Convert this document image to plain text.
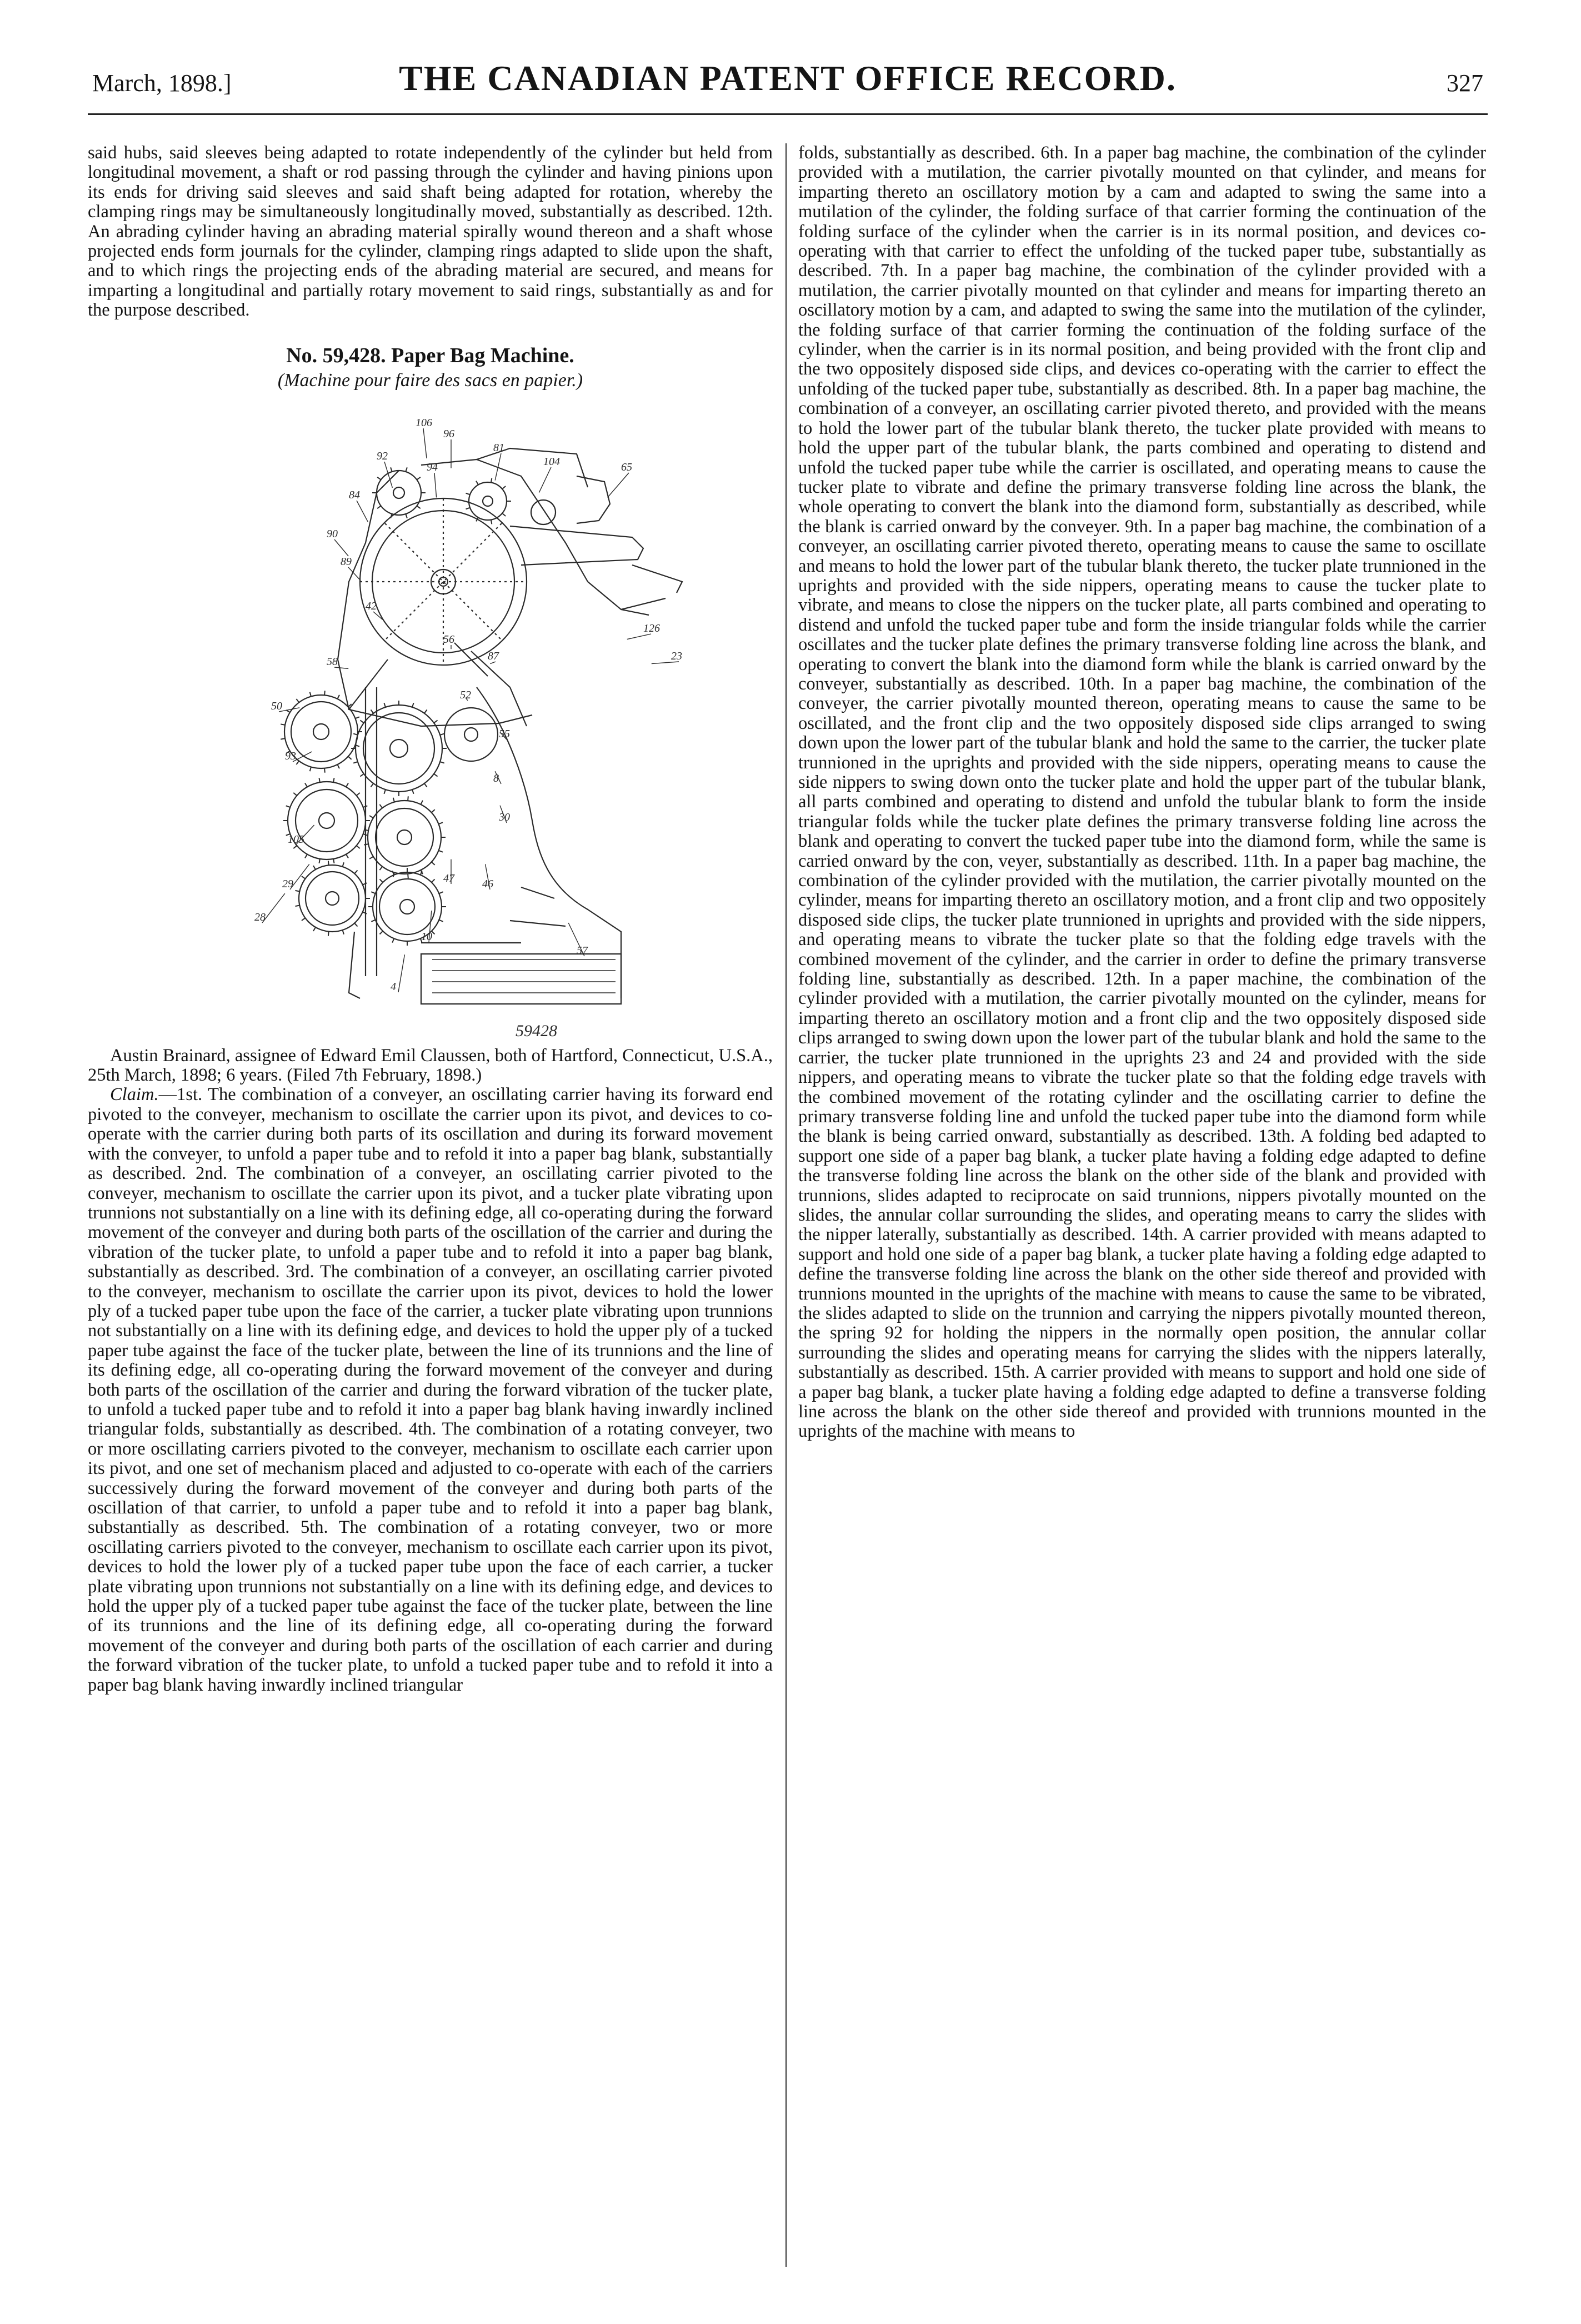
March, 1898.]	THE CANADIAN PATENT OFFICE RECORD.	327

said hubs, said sleeves being adapted to rotate independently of the cylinder but held from longitudinal movement, a shaft or rod passing through the cylinder and having pinions upon its ends for driving said sleeves and said shaft being adapted for rotation, whereby the clamping rings may be simultaneously longitudinally moved, substantially as described. 12th. An abrading cylinder having an abrading material spirally wound thereon and a shaft whose projected ends form journals for the cylinder, clamping rings adapted to slide upon the shaft, and to which rings the projecting ends of the abrading material are secured, and means for imparting a longitudinal and partially rotary movement to said rings, substantially as and for the purpose described.

No. 59,428. Paper Bag Machine.

(Machine pour faire des sacs en papier.)

106
96
92
84
90
89
94
81
104	65
42
126
56
87	23
58
50
52
93
55
8
105
30
47	46
29
28
57
10
4
59428

Austin Brainard, assignee of Edward Emil Claussen, both of Hartford, Connecticut, U.S.A., 25th March, 1898; 6 years. (Filed 7th February, 1898.)

Claim.—1st. The combination of a conveyer, an oscillating carrier having its forward end pivoted to the conveyer, mechanism to oscillate the carrier upon its pivot, and devices to co-operate with the carrier during both parts of its oscillation and during its forward movement with the conveyer, to unfold a paper tube and to refold it into a paper bag blank, substantially as described. 2nd. The combination of a conveyer, an oscillating carrier pivoted to the conveyer, mechanism to oscillate the carrier upon its pivot, and a tucker plate vibrating upon trunnions not substantially on a line with its defining edge, all co-operating during the forward movement of the conveyer and during both parts of the oscillation of the carrier and during the vibration of the tucker plate, to unfold a paper tube and to refold it into a paper bag blank, substantially as described. 3rd. The combination of a conveyer, an oscillating carrier pivoted to the conveyer, mechanism to oscillate the carrier upon its pivot, devices to hold the lower ply of a tucked paper tube upon the face of the carrier, a tucker plate vibrating upon trunnions not substantially on a line with its defining edge, and devices to hold the upper ply of a tucked paper tube against the face of the tucker plate, between the line of its trunnions and the line of its defining edge, all co-operating during the forward movement of the conveyer and during both parts of the oscillation of the carrier and during the forward vibration of the tucker plate, to unfold a tucked paper tube and to refold it into a paper bag blank having inwardly inclined triangular folds, substantially as described. 4th. The combination of a rotating conveyer, two or more oscillating carriers pivoted to the conveyer, mechanism to oscillate each carrier upon its pivot, and one set of mechanism placed and adjusted to co-operate with each of the carriers successively during the forward movement of the conveyer and during both parts of the oscillation of that carrier, to unfold a paper tube and to refold it into a paper bag blank, substantially as described. 5th. The combination of a rotating conveyer, two or more oscillating carriers pivoted to the conveyer, mechanism to oscillate each carrier upon its pivot, devices to hold the lower ply of a tucked paper tube upon the face of each carrier, a tucker plate vibrating upon trunnions not substantially on a line with its defining edge, and devices to hold the upper ply of a tucked paper tube against the face of the tucker plate, between the line of its trunnions and the line of its defining edge, all co-operating during the forward movement of the conveyer and during both parts of the oscillation of each carrier and during the forward vibration of the tucker plate, to unfold a tucked paper tube and to refold it into a paper bag blank having inwardly inclined triangular

folds, substantially as described. 6th. In a paper bag machine, the combination of the cylinder provided with a mutilation, the carrier pivotally mounted on that cylinder, and means for imparting thereto an oscillatory motion by a cam and adapted to swing the same into a mutilation of the cylinder, the folding surface of that carrier forming the continuation of the folding surface of the cylinder when the carrier is in its normal position, and devices co-operating with that carrier to effect the unfolding of the tucked paper tube, substantially as described. 7th. In a paper bag machine, the combination of the cylinder provided with a mutilation, the carrier pivotally mounted on that cylinder and means for imparting thereto an oscillatory motion by a cam, and adapted to swing the same into the mutilation of the cylinder, the folding surface of that carrier forming the continuation of the folding surface of the cylinder, when the carrier is in its normal position, and being provided with the front clip and the two oppositely disposed side clips, and devices co-operating with the carrier to effect the unfolding of the tucked paper tube, substantially as described. 8th. In a paper bag machine, the combination of a conveyer, an oscillating carrier pivoted thereto, and provided with the means to hold the lower part of the tubular blank thereto, the tucker plate provided with means to hold the upper part of the tubular blank, the parts combined and operating to distend and unfold the tucked paper tube while the carrier is oscillated, and operating means to cause the tucker plate to vibrate and define the primary transverse folding line across the blank, the whole operating to convert the blank into the diamond form, substantially as described, while the blank is carried onward by the conveyer. 9th. In a paper bag machine, the combination of a conveyer, an oscillating carrier pivoted thereto, operating means to cause the same to oscillate and means to hold the lower part of the tubular blank thereto, the tucker plate trunnioned in the uprights and provided with the side nippers, operating means to cause the tucker plate to vibrate, and means to close the nippers on the tucker plate, all parts combined and operating to distend and unfold the tucked paper tube and form the inside triangular folds while the carrier oscillates and the tucker plate defines the primary transverse folding line across the blank, and operating to convert the blank into the diamond form while the blank is carried onward by the conveyer, substantially as described. 10th. In a paper bag machine, the combination of the conveyer, the carrier pivotally mounted thereon, operating means to cause the same to be oscillated, and the front clip and the two oppositely disposed side clips arranged to swing down upon the lower part of the tubular blank and hold the same to the carrier, the tucker plate trunnioned in the uprights and provided with the side nippers, operating means to cause the side nippers to swing down onto the tucker plate and hold the upper part of the tubular blank, all parts combined and operating to distend and unfold the tubular blank to form the inside triangular folds while the tucker plate defines the primary transverse folding line across the blank and operating to convert the tucked paper tube into the diamond form, while the same is carried onward by the con, veyer, substantially as described. 11th. In a paper bag machine, the combination of the cylinder provided with the mutilation, the carrier pivotally mounted on the cylinder, means for imparting thereto an oscillatory motion, and a front clip and two oppositely disposed side clips, the tucker plate trunnioned in uprights and provided with the side nippers, and operating means to vibrate the tucker plate so that the folding edge travels with the combined movement of the cylinder, and the carrier in order to define the primary transverse folding line, substantially as described. 12th. In a paper machine, the combination of the cylinder provided with a mutilation, the carrier pivotally mounted on the cylinder, means for imparting thereto an oscillatory motion and a front clip and the two oppositely disposed side clips arranged to swing down upon the lower part of the tubular blank and hold the same to the carrier, the tucker plate trunnioned in the uprights 23 and 24 and provided with the side nippers, and operating means to vibrate the tucker plate so that the folding edge travels with the combined movement of the rotating cylinder and the oscillating carrier to define the primary transverse folding line and unfold the tucked paper tube into the diamond form while the blank is being carried onward, substantially as described. 13th. A folding bed adapted to support one side of a paper bag blank, a tucker plate having a folding edge adapted to define the transverse folding line across the blank on the other side of the blank and provided with trunnions, slides adapted to reciprocate on said trunnions, nippers pivotally mounted on the slides, the annular collar surrounding the slides, and operating means to carry the slides with the nipper laterally, substantially as described. 14th. A carrier provided with means adapted to support and hold one side of a paper bag blank, a tucker plate having a folding edge adapted to define the transverse folding line across the blank on the other side thereof and provided with trunnions mounted in the uprights of the machine with means to cause the same to be vibrated, the slides adapted to slide on the trunnion and carrying the nippers pivotally mounted thereon, the spring 92 for holding the nippers in the normally open position, the annular collar surrounding the slides and operating means for carrying the slides with the nippers laterally, substantially as described. 15th. A carrier provided with means to support and hold one side of a paper bag blank, a tucker plate having a folding edge adapted to define a transverse folding line across the blank on the other side thereof and provided with trunnions mounted in the uprights of the machine with means to
